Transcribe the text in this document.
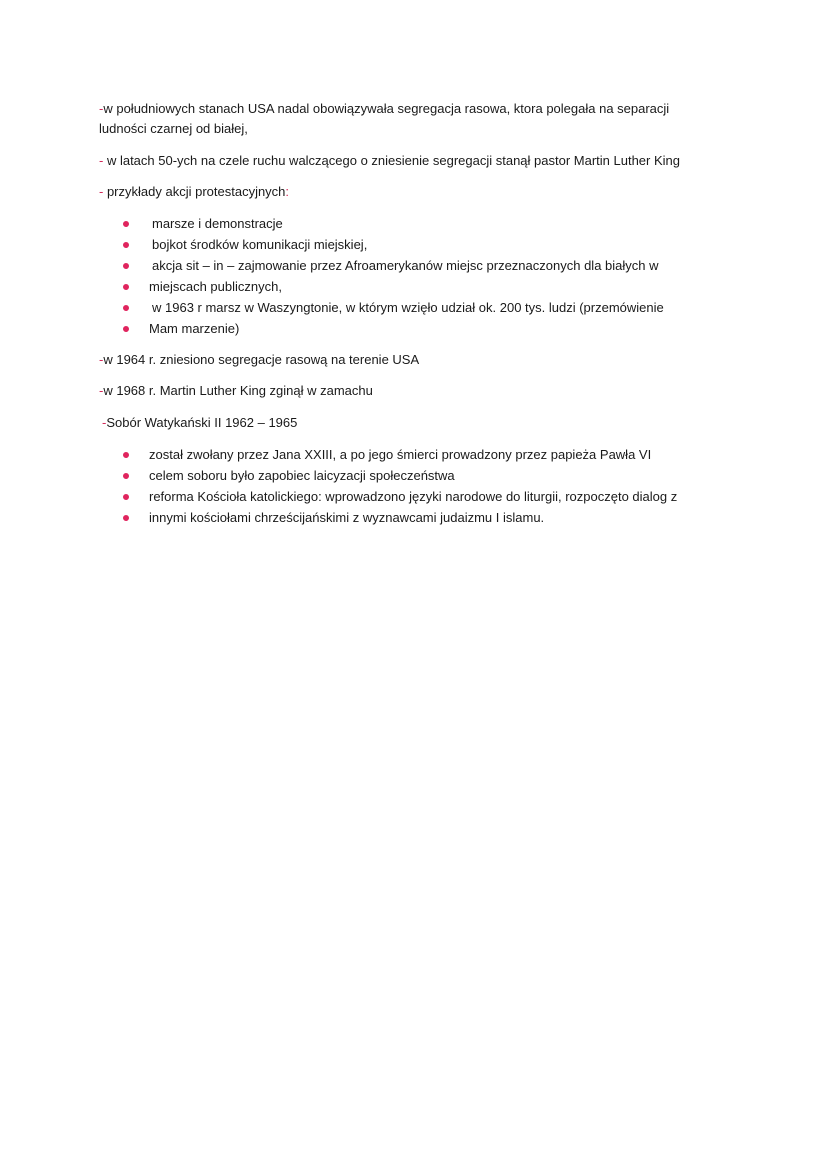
-w południowych stanach USA nadal obowiązywała segregacja rasowa, ktora polegała na separacji
ludności czarnej od białej,
- w latach 50-ych na czele ruchu walczącego o zniesienie segregacji stanął pastor Martin Luther King
- przykłady akcji protestacyjnych:
marsze i demonstracje
bojkot środków komunikacji miejskiej,
akcja sit – in – zajmowanie przez Afroamerykanów miejsc przeznaczonych dla białych w
miejscach publicznych,
w 1963 r marsz w Waszyngtonie, w którym wzięło udział ok. 200 tys. ludzi (przemówienie
Mam marzenie)
-w 1964 r. zniesiono segregacje rasową na terenie USA
-w 1968 r. Martin Luther King zginął w zamachu
-Sobór Watykański II 1962 – 1965
został zwołany przez Jana XXIII, a po jego śmierci prowadzony przez papieża Pawła VI
celem soboru było zapobiec laicyzacji społeczeństwa
reforma Kościoła katolickiego: wprowadzono języki narodowe do liturgii, rozpoczęto dialog z
innymi kościołami chrześcijańskimi z wyznawcami judaizmu I islamu.
